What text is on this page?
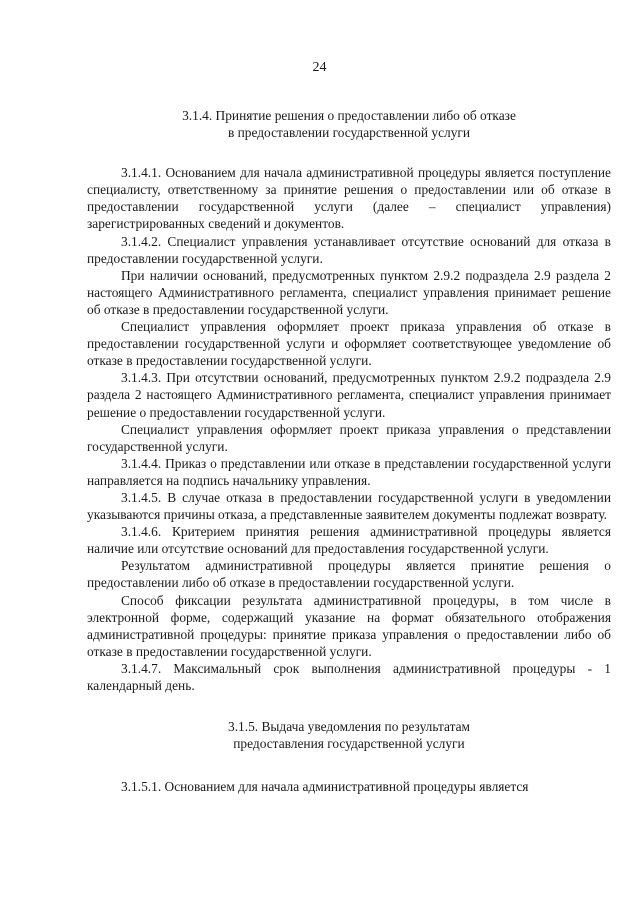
24
3.1.4. Принятие решения о предоставлении либо об отказе
в предоставлении государственной услуги

3.1.4.1. Основанием для начала административной процедуры является поступление специалисту, ответственному за принятие решения о предоставлении или об отказе в предоставлении государственной услуги (далее – специалист управления) зарегистрированных сведений и документов.

3.1.4.2. Специалист управления устанавливает отсутствие оснований для отказа в предоставлении государственной услуги.

При наличии оснований, предусмотренных пунктом 2.9.2 подраздела 2.9 раздела 2 настоящего Административного регламента, специалист управления принимает решение об отказе в предоставлении государственной услуги.

Специалист управления оформляет проект приказа управления об отказе в предоставлении государственной услуги и оформляет соответствующее уведомление об отказе в предоставлении государственной услуги.

3.1.4.3. При отсутствии оснований, предусмотренных пунктом 2.9.2 подраздела 2.9 раздела 2 настоящего Административного регламента, специалист управления принимает решение о предоставлении государственной услуги.

Специалист управления оформляет проект приказа управления о представлении государственной услуги.

3.1.4.4. Приказ о представлении или отказе в представлении государственной услуги направляется на подпись начальнику управления.

3.1.4.5. В случае отказа в предоставлении государственной услуги в уведомлении указываются причины отказа, а представленные заявителем документы подлежат возврату.

3.1.4.6. Критерием принятия решения административной процедуры является наличие или отсутствие оснований для предоставления государственной услуги.

Результатом административной процедуры является принятие решения о предоставлении либо об отказе в предоставлении государственной услуги.

Способ фиксации результата административной процедуры, в том числе в электронной форме, содержащий указание на формат обязательного отображения административной процедуры: принятие приказа управления о предоставлении либо об отказе в предоставлении государственной услуги.

3.1.4.7. Максимальный срок выполнения административной процедуры - 1 календарный день.

3.1.5. Выдача уведомления по результатам
предоставления государственной услуги

3.1.5.1. Основанием для начала административной процедуры является
